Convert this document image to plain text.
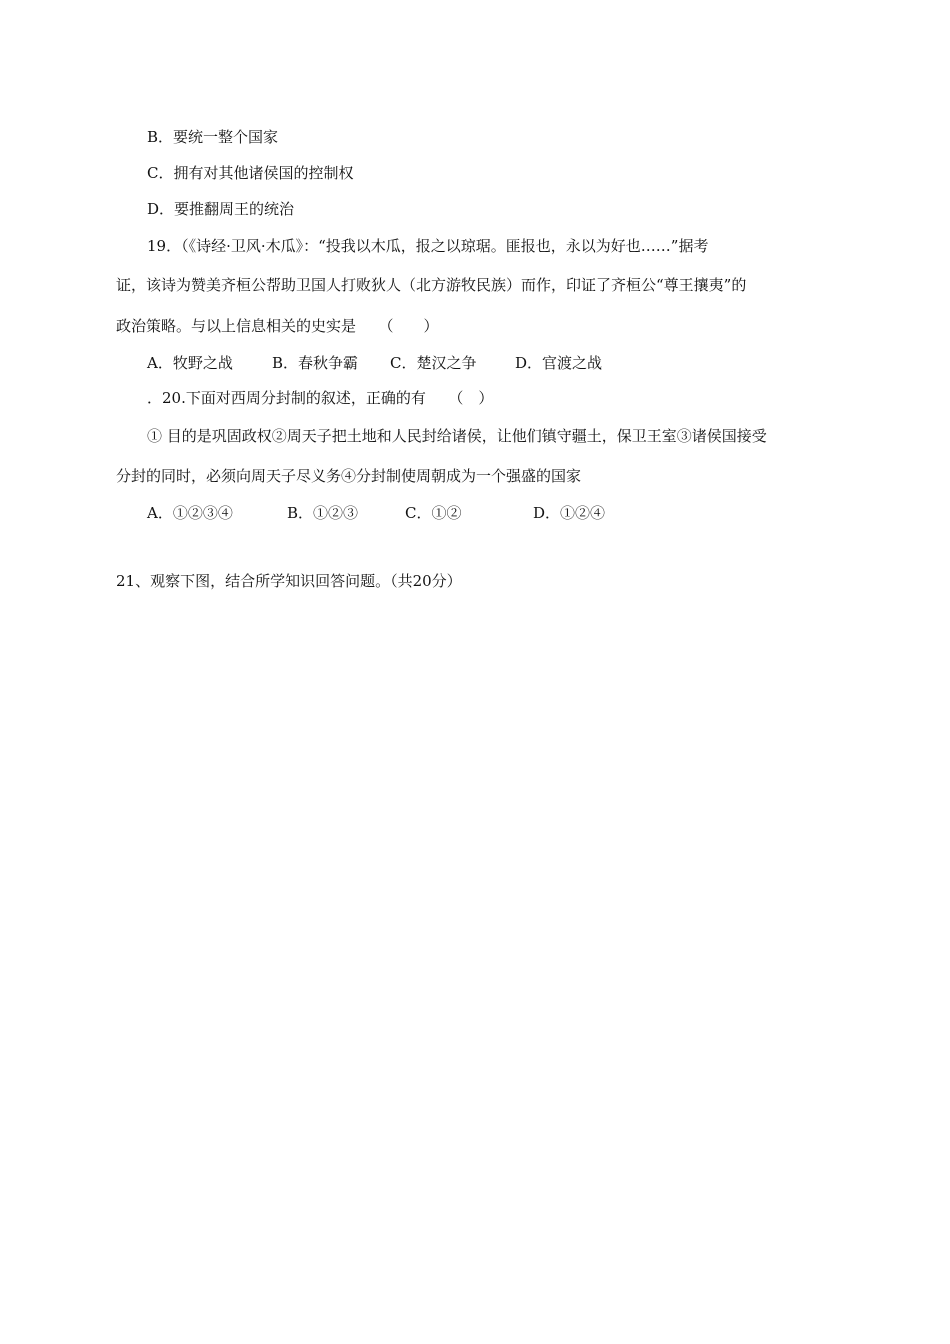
B．要统一整个国家
C．拥有对其他诸侯国的控制权
D．要推翻周王的统治
19．（《诗经·卫风·木瓜》：“投我以木瓜，报之以琼琚。匪报也，永以为好也……”据考
证，该诗为赞美齐桓公帮助卫国人打败狄人（北方游牧民族）而作，印证了齐桓公“尊王攘夷”的
政治策略。与以上信息相关的史实是　　（　　）
A．牧野之战	B．春秋争霸	C．楚汉之争	D．官渡之战
．20.下面对西周分封制的叙述，正确的有　　（　）
① 目的是巩固政权②周天子把土地和人民封给诸侯，让他们镇守疆土，保卫王室③诸侯国接受
分封的同时，必须向周天子尽义务④分封制使周朝成为一个强盛的国家
A．①②③④	B．①②③	C．①②	D．①②④
21、观察下图，结合所学知识回答问题。（共20分）
